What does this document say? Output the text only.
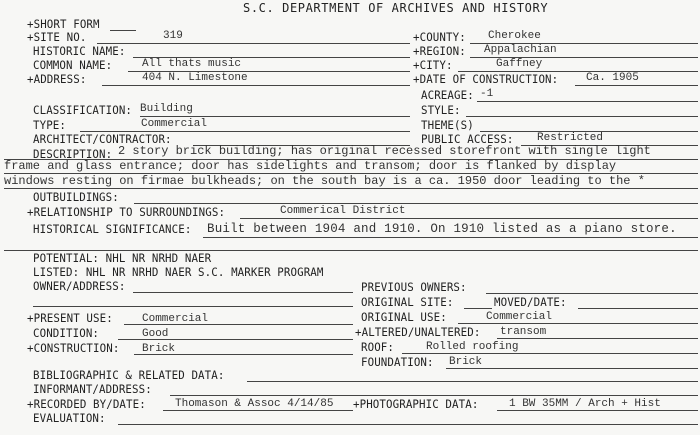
S.C. DEPARTMENT OF ARCHIVES AND HISTORY
+SHORT FORM
+SITE NO.	319	+COUNTY: Cherokee
HISTORIC NAME:	+REGION: Appalachian
COMMON NAME:	All thats music	+CITY:	Gaffney
+ADDRESS:	404 N. Limestone	+DATE OF CONSTRUCTION:	Ca. 1905
ACREAGE: -1
CLASSIFICATION: Building	STYLE:
TYPE:	Commercial	THEME(S)
ARCHITECT/CONTRACTOR:	PUBLIC ACCESS: Restricted
DESCRIPTION: 2 story brick building; has original recessed storefront with single light
frame and glass entrance; door has sidelights and transom; door is flanked by display
windows resting on firmae bulkheads; on the south bay is a ca. 1950 door leading to the *
OUTBUILDINGS:
+RELATIONSHIP TO SURROUNDINGS:	Commerical District
HISTORICAL SIGNIFICANCE: Built between 1904 and 1910. On 1910 listed as a piano store.
POTENTIAL: NHL NR NRHD NAER
LISTED: NHL NR NRHD NAER S.C. MARKER PROGRAM
OWNER/ADDRESS:	PREVIOUS OWNERS:
ORIGINAL SITE:	MOVED/DATE:
+PRESENT USE:	Commercial	ORIGINAL USE:	Commercial
CONDITION:	Good	+ALTERED/UNALTERED: transom
+CONSTRUCTION: Brick	ROOF:	Rolled roofing
FOUNDATION: Brick
BIBLIOGRAPHIC & RELATED DATA:
INFORMANT/ADDRESS:
+RECORDED BY/DATE:	Thomason & Assoc 4/14/85 +PHOTOGRAPHIC DATA:	1 BW 35MM / Arch + Hist
EVALUATION:
